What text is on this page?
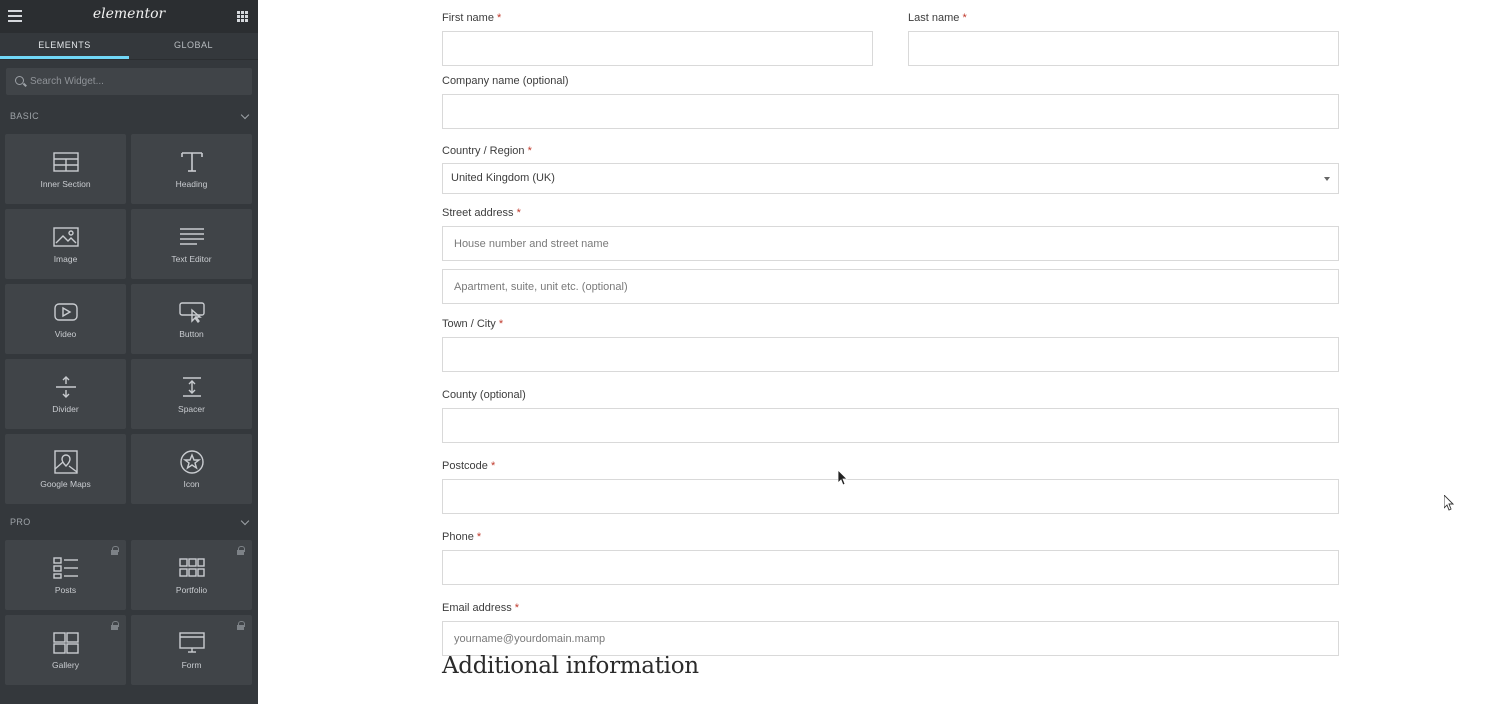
elementor
ELEMENTS	GLOBAL
Search Widget...
BASIC
Inner Section	Heading
Image	Text Editor
Video	Button
Divider	Spacer
Google Maps	Icon
PRO
Posts	Portfolio
Gallery	Form
First name *	Last name *
Company name (optional)
Country / Region *
United Kingdom (UK)
Street address *
House number and street name
Apartment, suite, unit etc. (optional)
Town / City *
County (optional)
Postcode *
Phone *
Email address *
yourname@yourdomain.mamp
Additional information
